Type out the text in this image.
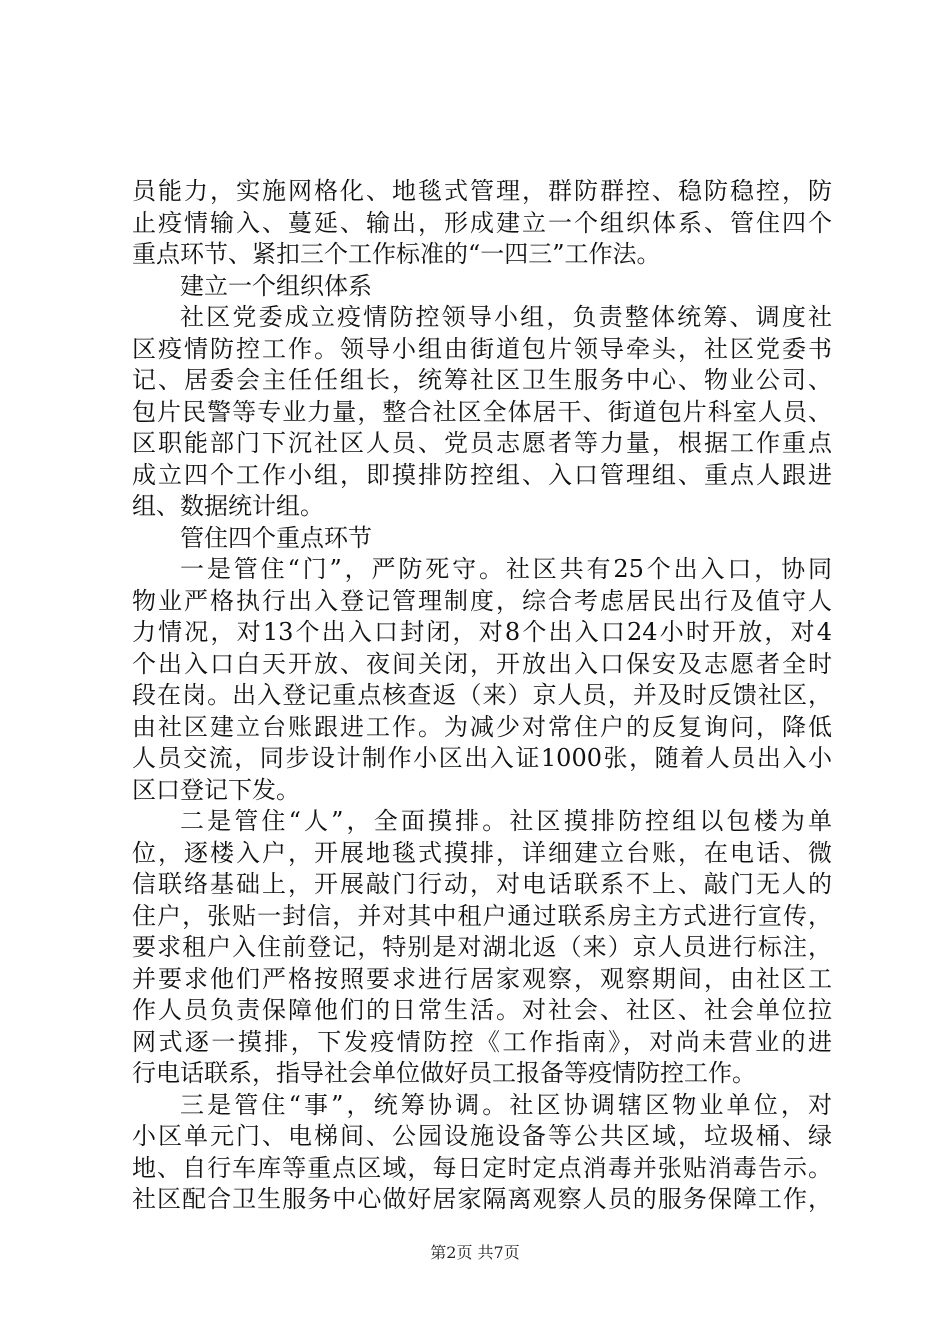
员能力，实施网格化、地毯式管理，群防群控、稳防稳控，防
止疫情输入、蔓延、输出，形成建立一个组织体系、管住四个
重点环节、紧扣三个工作标准的“一四三”工作法。
建立一个组织体系
社区党委成立疫情防控领导小组，负责整体统筹、调度社
区疫情防控工作。领导小组由街道包片领导牵头，社区党委书
记、居委会主任任组长，统筹社区卫生服务中心、物业公司、
包片民警等专业力量，整合社区全体居干、街道包片科室人员、
区职能部门下沉社区人员、党员志愿者等力量，根据工作重点
成立四个工作小组，即摸排防控组、入口管理组、重点人跟进
组、数据统计组。
管住四个重点环节
一是管住“门”，严防死守。社区共有25个出入口，协同
物业严格执行出入登记管理制度，综合考虑居民出行及值守人
力情况，对13个出入口封闭，对8个出入口24小时开放，对4
个出入口白天开放、夜间关闭，开放出入口保安及志愿者全时
段在岗。出入登记重点核查返（来）京人员，并及时反馈社区，
由社区建立台账跟进工作。为减少对常住户的反复询问，降低
人员交流，同步设计制作小区出入证1000张，随着人员出入小
区口登记下发。
二是管住“人”，全面摸排。社区摸排防控组以包楼为单
位，逐楼入户，开展地毯式摸排，详细建立台账，在电话、微
信联络基础上，开展敲门行动，对电话联系不上、敲门无人的
住户，张贴一封信，并对其中租户通过联系房主方式进行宣传，
要求租户入住前登记，特别是对湖北返（来）京人员进行标注，
并要求他们严格按照要求进行居家观察，观察期间，由社区工
作人员负责保障他们的日常生活。对社会、社区、社会单位拉
网式逐一摸排，下发疫情防控《工作指南》，对尚未营业的进
行电话联系，指导社会单位做好员工报备等疫情防控工作。
三是管住“事”，统筹协调。社区协调辖区物业单位，对
小区单元门、电梯间、公园设施设备等公共区域，垃圾桶、绿
地、自行车库等重点区域，每日定时定点消毒并张贴消毒告示。
社区配合卫生服务中心做好居家隔离观察人员的服务保障工作，
第2页 共7页
